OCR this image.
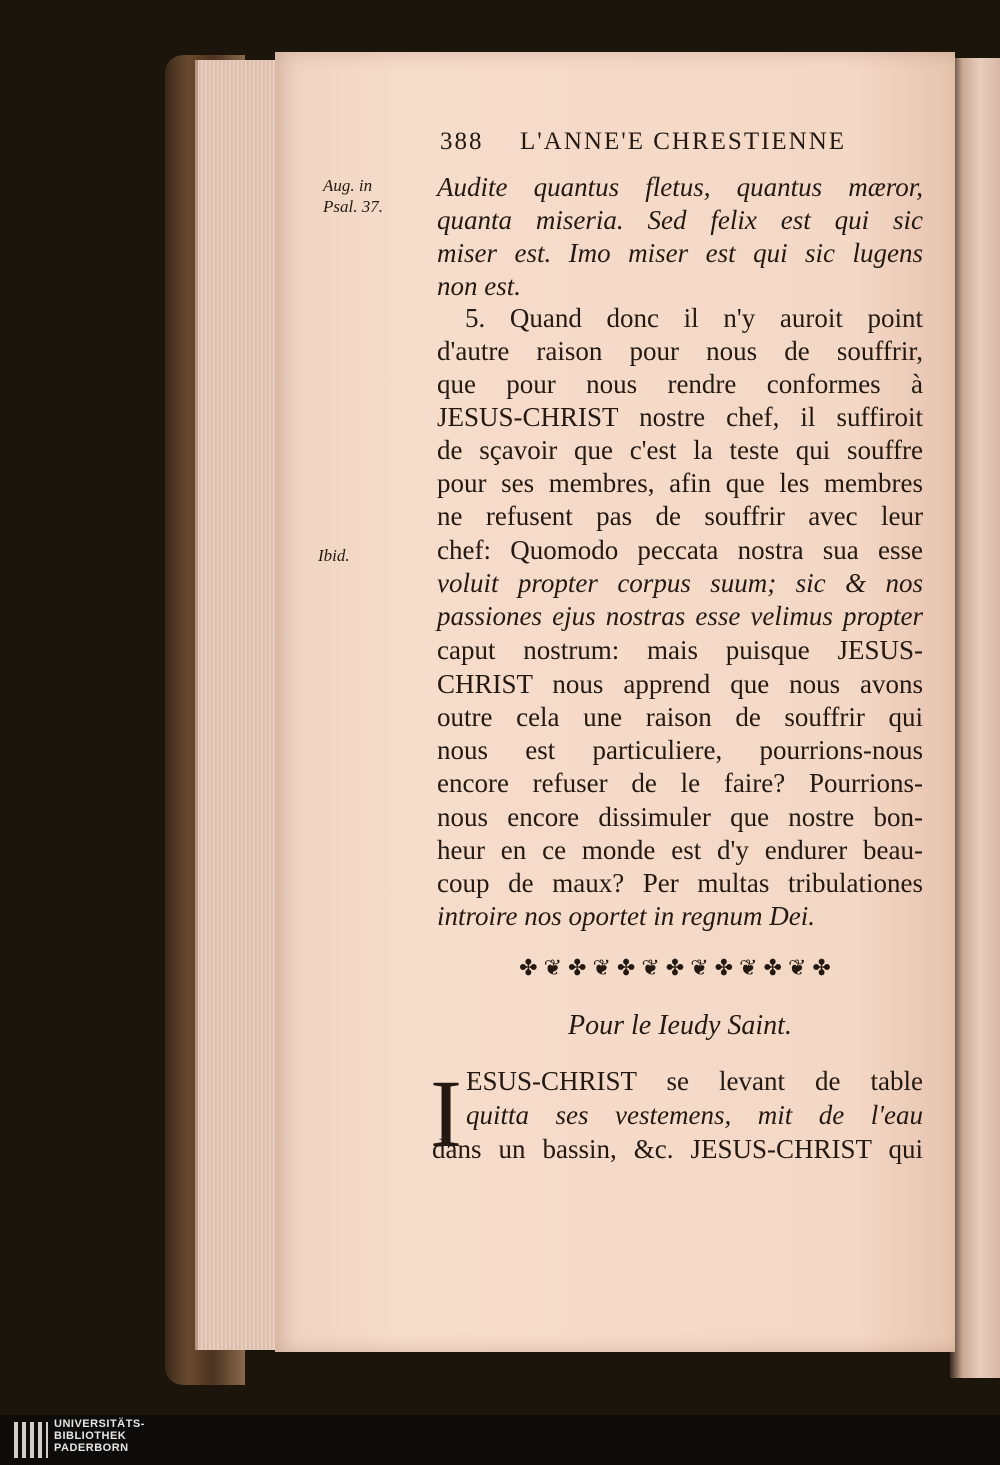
388 L'ANNE'E CHRESTIENNE
Aug. in
Psal. 37.
Ibid.
Audite quantus fletus, quantus mæror,
quanta miseria. Sed felix est qui sic
miser est. Imo miser est qui sic lugens
non est.
5. Quand donc il n'y auroit point
d'autre raison pour nous de souffrir,
que pour nous rendre conformes à
JESUS-CHRIST nostre chef, il suffiroit
de sçavoir que c'est la teste qui souffre
pour ses membres, afin que les membres
ne refusent pas de souffrir avec leur
chef: Quomodo peccata nostra sua esse
voluit propter corpus suum; sic & nos
passiones ejus nostras esse velimus propter
caput nostrum: mais puisque JESUS-
CHRIST nous apprend que nous avons
outre cela une raison de souffrir qui
nous est particuliere, pourrions-nous
encore refuser de le faire? Pourrions-
nous encore dissimuler que nostre bon-
heur en ce monde est d'y endurer beau-
coup de maux? Per multas tribulationes
introire nos oportet in regnum Dei.
✤❦✤❦✤❦✤❦✤❦✤❦✤
Pour le Ieudy Saint.
I ESUS-CHRIST se levant de table
quitta ses vestemens, mit de l'eau
dans un bassin, &c. JESUS-CHRIST qui
UNIVERSITÄTS-
BIBLIOTHEK
PADERBORN
